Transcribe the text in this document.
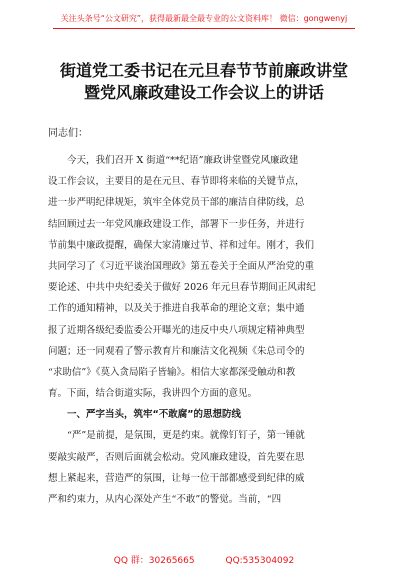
关注头条号“公文研究”，获得最新最全最专业的公文资料库！ 微信：gongwenyj
街道党工委书记在元旦春节节前廉政讲堂
暨党风廉政建设工作会议上的讲话
同志们：
今天，我们召开 X 街道“**纪语”廉政讲堂暨党风廉政建
设工作会议，主要目的是在元旦、春节即将来临的关键节点，
进一步严明纪律规矩，筑牢全体党员干部的廉洁自律防线，总
结回顾过去一年党风廉政建设工作，部署下一步任务，并进行
节前集中廉政提醒，确保大家清廉过节、祥和过年。刚才，我们
共同学习了《习近平谈治国理政》第五卷关于全面从严治党的重
要论述、中共中央纪委关于做好 2026 年元旦春节期间正风肃纪
工作的通知精神，以及关于推进自我革命的理论文章；集中通
报了近期各级纪委监委公开曝光的违反中央八项规定精神典型
问题；还一同观看了警示教育片和廉洁文化视频《朱总司令的
“求助信”》《莫入贪局陷子皆输》。相信大家都深受触动和教
育。下面，结合街道实际，我讲四个方面的意见。
一、严字当头，筑牢“不敢腐”的思想防线
“严”是前提，是氛围，更是约束。就像钉钉子，第一锤就
要敲实敲严，否则后面就会松动。党风廉政建设，首先要在思
想上紧起来，营造严的氛围，让每一位干部都感受到纪律的威
严和约束力，从内心深处产生“不敢”的警觉。当前，“四
QQ 群：30265665	QQ:535304092
